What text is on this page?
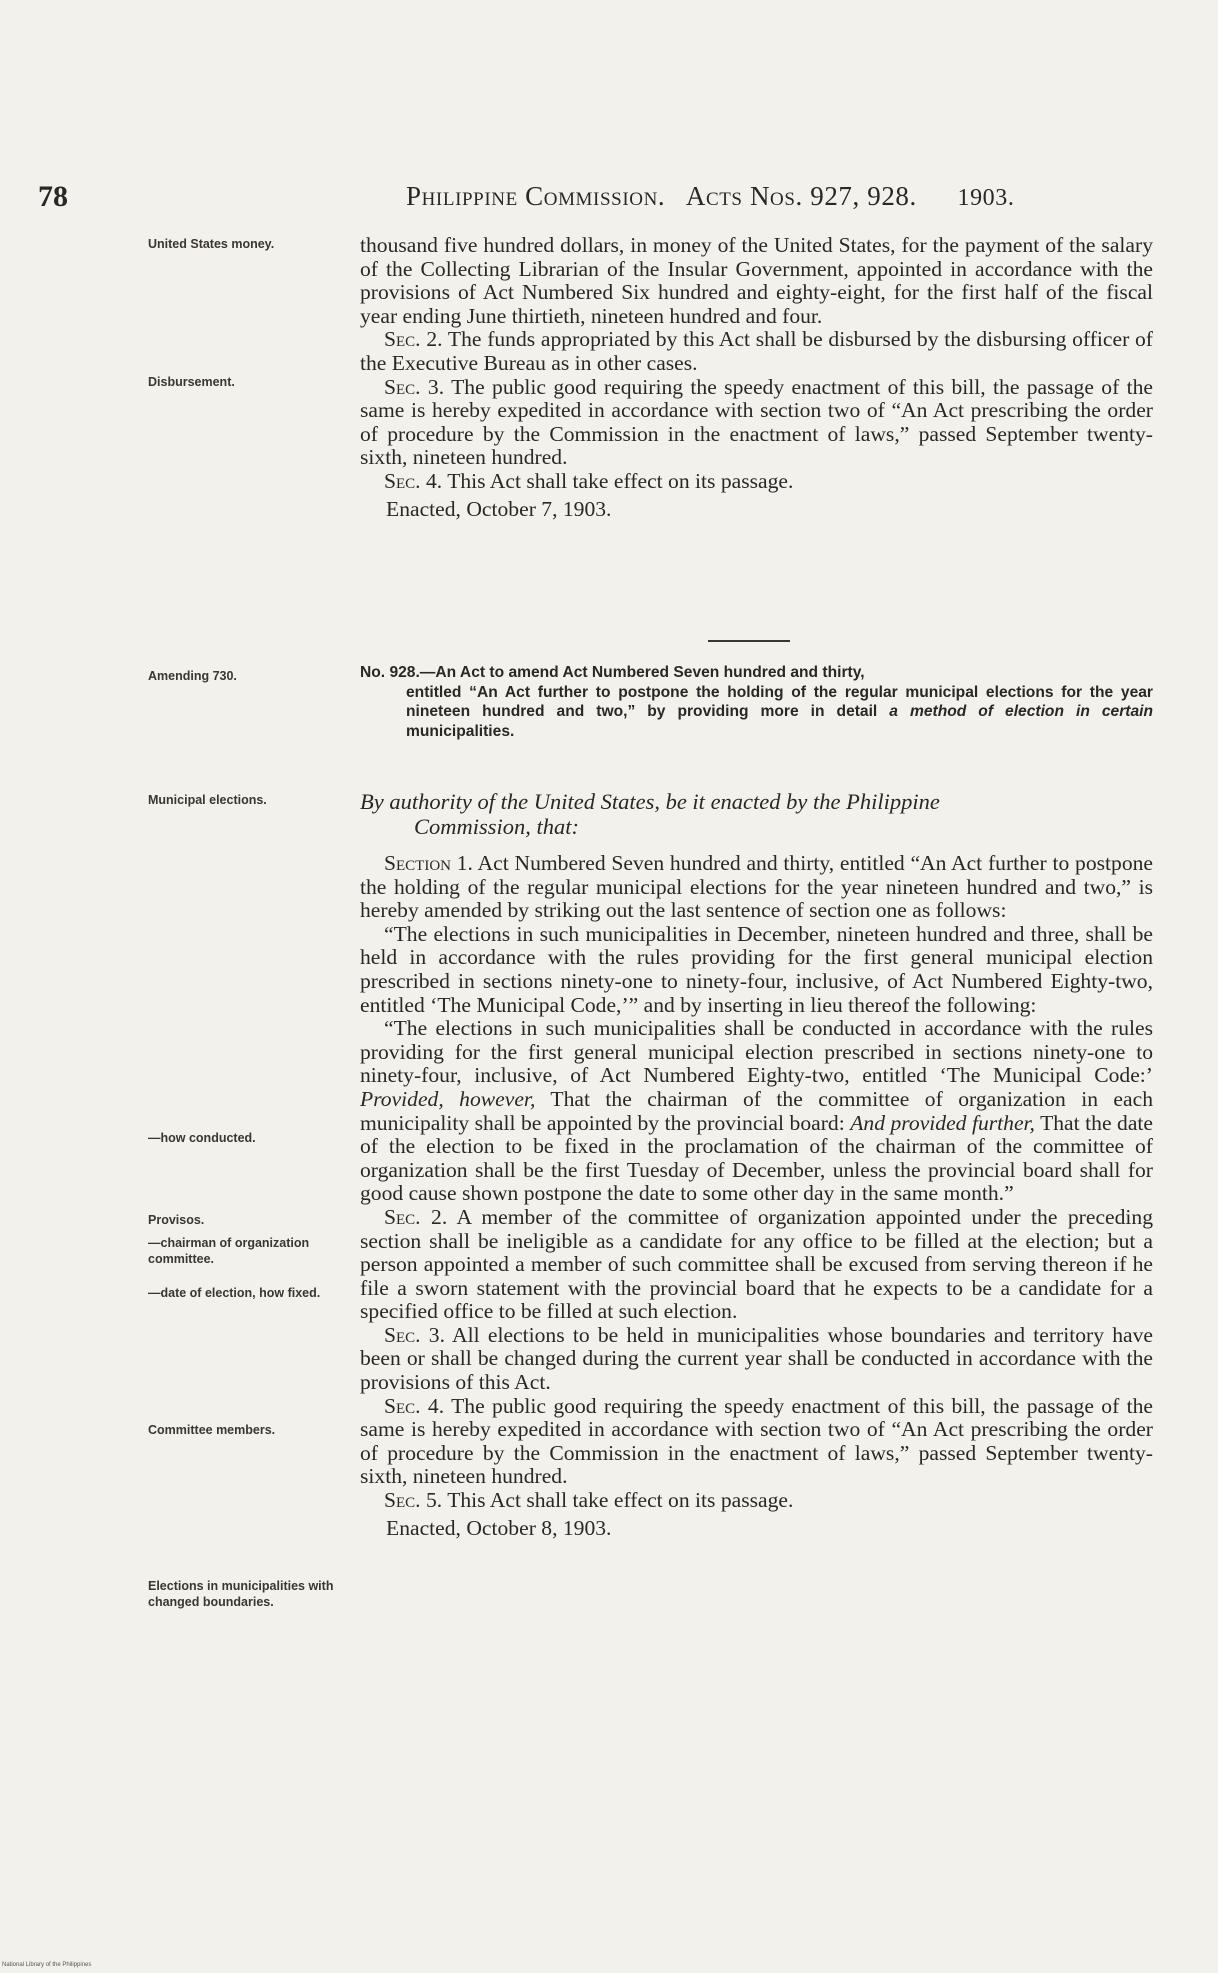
78	Philippine Commission. Acts Nos. 927, 928. 1903.
United States money.
Disbursement.
Amending 730.
Municipal elections.
—how conducted.
Provisos.
—chairman of organization committee.
—date of election, how fixed.
Committee members.
Elections in municipalities with changed boundaries.

thousand five hundred dollars, in money of the United States, for the payment of the salary of the Collecting Librarian of the Insular Government, appointed in accordance with the provisions of Act Numbered Six hundred and eighty-eight, for the first half of the fiscal year ending June thirtieth, nineteen hundred and four.

Sec. 2. The funds appropriated by this Act shall be disbursed by the disbursing officer of the Executive Bureau as in other cases.

Sec. 3. The public good requiring the speedy enactment of this bill, the passage of the same is hereby expedited in accordance with section two of “An Act prescribing the order of procedure by the Commission in the enactment of laws,” passed September twenty-sixth, nineteen hundred.

Sec. 4. This Act shall take effect on its passage.

Enacted, October 7, 1903.

No. 928.—An Act to amend Act Numbered Seven hundred and thirty,
entitled “An Act further to postpone the holding of the regular municipal elections for the year nineteen hundred and two,” by providing more in detail a method of election in certain municipalities.
By authority of the United States, be it enacted by the Philippine
Commission, that:

Section 1. Act Numbered Seven hundred and thirty, entitled “An Act further to postpone the holding of the regular municipal elections for the year nineteen hundred and two,” is hereby amended by striking out the last sentence of section one as follows:

“The elections in such municipalities in December, nineteen hundred and three, shall be held in accordance with the rules providing for the first general municipal election prescribed in sections ninety-one to ninety-four, inclusive, of Act Numbered Eighty-two, entitled ‘The Municipal Code,’” and by inserting in lieu thereof the following:

“The elections in such municipalities shall be conducted in accordance with the rules providing for the first general municipal election prescribed in sections ninety-one to ninety-four, inclusive, of Act Numbered Eighty-two, entitled ‘The Municipal Code:’ Provided, however, That the chairman of the committee of organization in each municipality shall be appointed by the provincial board: And provided further, That the date of the election to be fixed in the proclamation of the chairman of the committee of organization shall be the first Tuesday of December, unless the provincial board shall for good cause shown postpone the date to some other day in the same month.”

Sec. 2. A member of the committee of organization appointed under the preceding section shall be ineligible as a candidate for any office to be filled at the election; but a person appointed a member of such committee shall be excused from serving thereon if he file a sworn statement with the provincial board that he expects to be a candidate for a specified office to be filled at such election.

Sec. 3. All elections to be held in municipalities whose boundaries and territory have been or shall be changed during the current year shall be conducted in accordance with the provisions of this Act.

Sec. 4. The public good requiring the speedy enactment of this bill, the passage of the same is hereby expedited in accordance with section two of “An Act prescribing the order of procedure by the Commission in the enactment of laws,” passed September twenty-sixth, nineteen hundred.

Sec. 5. This Act shall take effect on its passage.

Enacted, October 8, 1903.

National Library of the Philippines
